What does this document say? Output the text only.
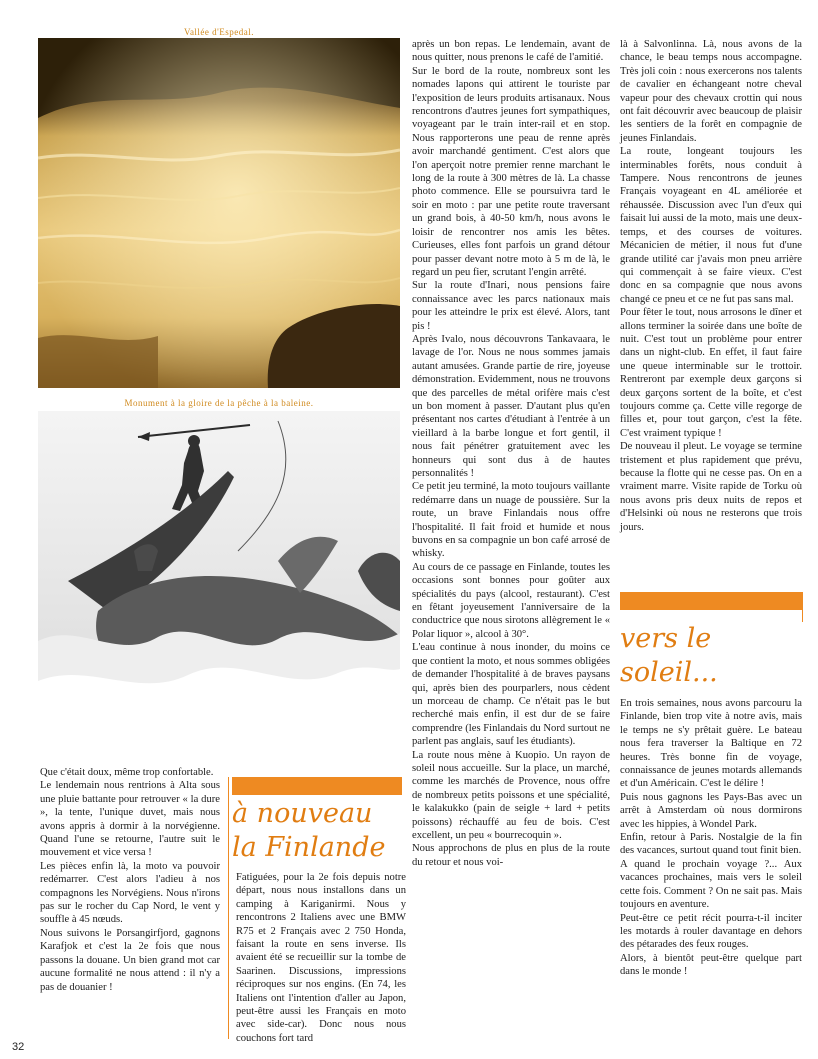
Vallée d'Espedal.
Monument à la gloire de la pêche à la baleine.

Que c'était doux, même trop confortable.

Le lendemain nous rentrions à Alta sous une pluie battante pour retrouver « la dure », la tente, l'unique duvet, mais nous avons appris à dormir à la norvégienne. Quand l'une se retourne, l'autre suit le mouvement et vice versa !

Les pièces enfin là, la moto va pouvoir redémarrer. C'est alors l'adieu à nos compagnons les Norvégiens. Nous n'irons pas sur le rocher du Cap Nord, le vent y souffle à 45 nœuds.

Nous suivons le Porsangirfjord, gagnons Karafjok et c'est la 2e fois que nous passons la douane. Un bien grand mot car aucune formalité ne nous attend : il n'y a pas de douanier !

à nouveau
la Finlande

Fatiguées, pour la 2e fois depuis notre départ, nous nous installons dans un camping à Kariganirmi. Nous y rencontrons 2 Italiens avec une BMW R75 et 2 Français avec 2 750 Honda, faisant la route en sens inverse. Ils avaient été se recueillir sur la tombe de Saarinen. Discussions, impressions réciproques sur nos engins. (En 74, les Italiens ont l'intention d'aller au Japon, peut-être aussi les Français en moto avec side-car). Donc nous nous couchons fort tard

après un bon repas. Le lendemain, avant de nous quitter, nous prenons le café de l'amitié.

Sur le bord de la route, nombreux sont les nomades lapons qui attirent le touriste par l'exposition de leurs produits artisanaux. Nous rencontrons d'autres jeunes fort sympathiques, voyageant par le train inter-rail et en stop. Nous rapporterons une peau de renne après avoir marchandé gentiment. C'est alors que l'on aperçoit notre premier renne marchant le long de la route à 300 mètres de là. La chasse photo commence. Elle se poursuivra tard le soir en moto : par une petite route traversant un grand bois, à 40-50 km/h, nous avons le loisir de rencontrer nos amis les bêtes. Curieuses, elles font parfois un grand détour pour passer devant notre moto à 5 m de là, le regard un peu fier, scrutant l'engin arrêté.

Sur la route d'Inari, nous pensions faire connaissance avec les parcs nationaux mais pour les atteindre le prix est élevé. Alors, tant pis !

Après Ivalo, nous découvrons Tankavaara, le lavage de l'or. Nous ne nous sommes jamais autant amusées. Grande partie de rire, joyeuse démonstration. Evidemment, nous ne trouvons que des parcelles de métal orifère mais c'est un bon moment à passer. D'autant plus qu'en présentant nos cartes d'étudiant à l'entrée à un vieillard à la barbe longue et fort gentil, il nous fait pénétrer gratuitement avec les honneurs qui sont dus à de hautes personnalités !

Ce petit jeu terminé, la moto toujours vaillante redémarre dans un nuage de poussière. Sur la route, un brave Finlandais nous offre l'hospitalité. Il fait froid et humide et nous buvons en sa compagnie un bon café arrosé de whisky.

Au cours de ce passage en Finlande, toutes les occasions sont bonnes pour goûter aux spécialités du pays (alcool, restaurant). C'est en fêtant joyeusement l'anniversaire de la conductrice que nous sirotons allègrement le « Polar liquor », alcool à 30°.

L'eau continue à nous inonder, du moins ce que contient la moto, et nous sommes obligées de demander l'hospitalité à de braves paysans qui, après bien des pourparlers, nous cèdent un morceau de champ. Ce n'était pas le but recherché mais enfin, il est dur de se faire comprendre (les Finlandais du Nord surtout ne parlent pas anglais, sauf les étudiants).

La route nous mène à Kuopio. Un rayon de soleil nous accueille. Sur la place, un marché, comme les marchés de Provence, nous offre de nombreux petits poissons et une spécialité, le kalakukko (pain de seigle + lard + petits poissons) réchauffé au feu de bois. C'est excellent, un peu « bourrecoquin ».

Nous approchons de plus en plus de la route du retour et nous voi-

là à Salvonlinna. Là, nous avons de la chance, le beau temps nous accompagne. Très joli coin : nous exercerons nos talents de cavalier en échangeant notre cheval vapeur pour des chevaux crottin qui nous ont fait découvrir avec beaucoup de plaisir les sentiers de la forêt en compagnie de jeunes Finlandais.

La route, longeant toujours les interminables forêts, nous conduit à Tampere. Nous rencontrons de jeunes Français voyageant en 4L améliorée et réhaussée. Discussion avec l'un d'eux qui faisait lui aussi de la moto, mais une deux-temps, et des courses de voitures. Mécanicien de métier, il nous fut d'une grande utilité car j'avais mon pneu arrière qui commençait à se faire vieux. C'est donc en sa compagnie que nous avons changé ce pneu et ce ne fut pas sans mal.

Pour fêter le tout, nous arrosons le dîner et allons terminer la soirée dans une boîte de nuit. C'est tout un problème pour entrer dans un night-club. En effet, il faut faire une queue interminable sur le trottoir. Rentreront par exemple deux garçons si deux garçons sortent de la boîte, et c'est toujours comme ça. Cette ville regorge de filles et, pour tout garçon, c'est la fête. C'est vraiment typique !

De nouveau il pleut. Le voyage se termine tristement et plus rapidement que prévu, because la flotte qui ne cesse pas. On en a vraiment marre. Visite rapide de Torku où nous avons pris deux nuits de repos et d'Helsinki où nous ne resterons que trois jours.

vers le
soleil...

En trois semaines, nous avons parcouru la Finlande, bien trop vite à notre avis, mais le temps ne s'y prêtait guère. Le bateau nous fera traverser la Baltique en 72 heures. Très bonne fin de voyage, connaissance de jeunes motards allemands et d'un Américain. C'est le délire !

Puis nous gagnons les Pays-Bas avec un arrêt à Amsterdam où nous dormirons avec les hippies, à Wondel Park.

Enfin, retour à Paris. Nostalgie de la fin des vacances, surtout quand tout finit bien.

A quand le prochain voyage ?... Aux vacances prochaines, mais vers le soleil cette fois. Comment ? On ne sait pas. Mais toujours en aventure.

Peut-être ce petit récit pourra-t-il inciter les motards à rouler davantage en dehors des pétarades des feux rouges.

Alors, à bientôt peut-être quelque part dans le monde !

32
